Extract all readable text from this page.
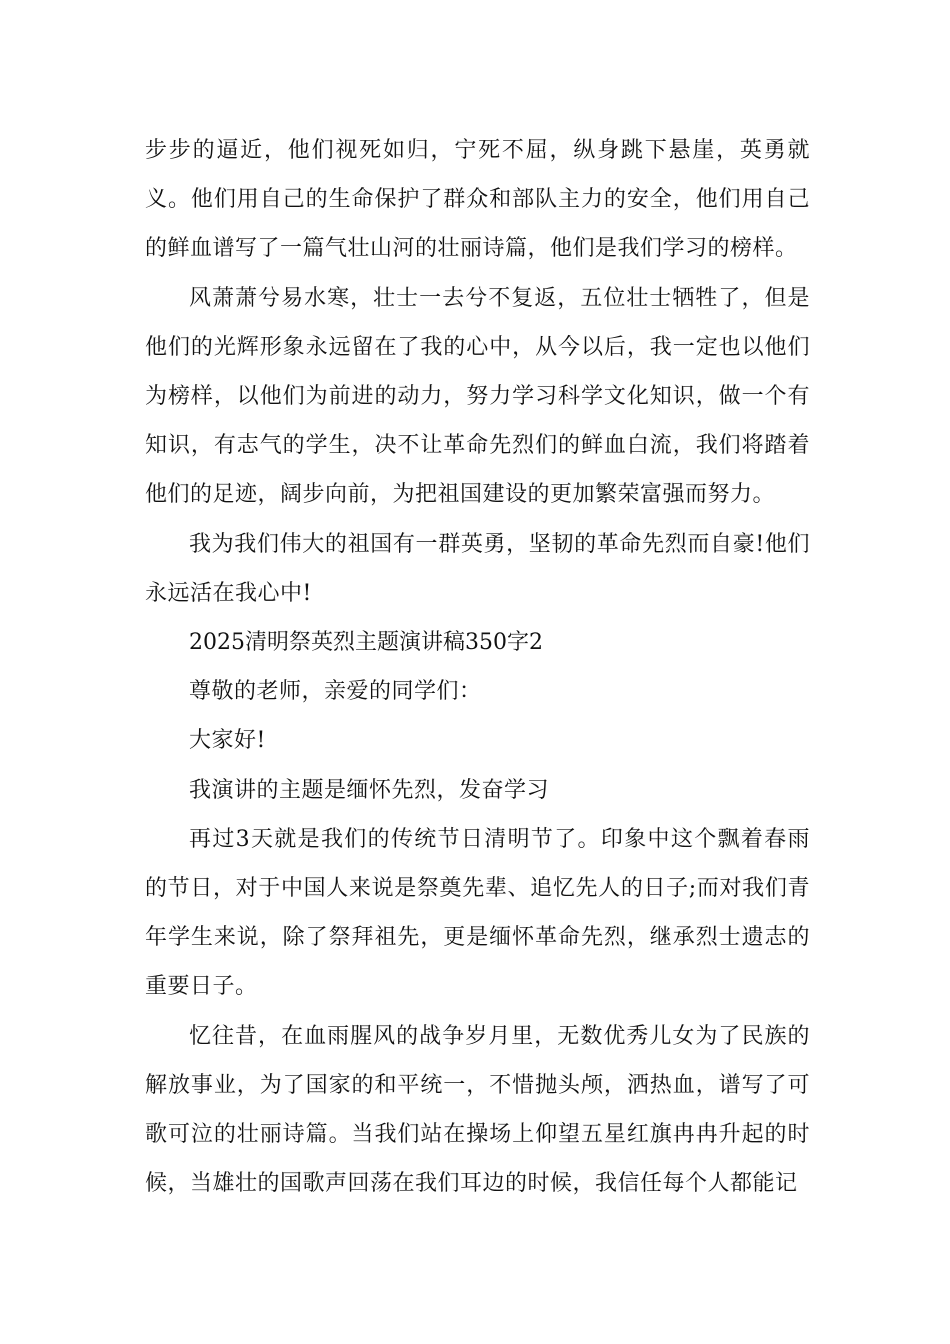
步步的逼近，他们视死如归，宁死不屈，纵身跳下悬崖，英勇就义。他们用自己的生命保护了群众和部队主力的安全，他们用自己的鲜血谱写了一篇气壮山河的壮丽诗篇，他们是我们学习的榜样。

风萧萧兮易水寒，壮士一去兮不复返，五位壮士牺牲了，但是他们的光辉形象永远留在了我的心中，从今以后，我一定也以他们为榜样，以他们为前进的动力，努力学习科学文化知识，做一个有知识，有志气的学生，决不让革命先烈们的鲜血白流，我们将踏着他们的足迹，阔步向前，为把祖国建设的更加繁荣富强而努力。

我为我们伟大的祖国有一群英勇，坚韧的革命先烈而自豪!他们永远活在我心中!

2025清明祭英烈主题演讲稿350字2

尊敬的老师，亲爱的同学们：

大家好!

我演讲的主题是缅怀先烈，发奋学习

再过3天就是我们的传统节日清明节了。印象中这个飘着春雨的节日，对于中国人来说是祭奠先辈、追忆先人的日子;而对我们青年学生来说，除了祭拜祖先，更是缅怀革命先烈，继承烈士遗志的重要日子。

忆往昔，在血雨腥风的战争岁月里，无数优秀儿女为了民族的解放事业，为了国家的和平统一，不惜抛头颅，洒热血，谱写了可歌可泣的壮丽诗篇。当我们站在操场上仰望五星红旗冉冉升起的时候，当雄壮的国歌声回荡在我们耳边的时候，我信任每个人都能记
